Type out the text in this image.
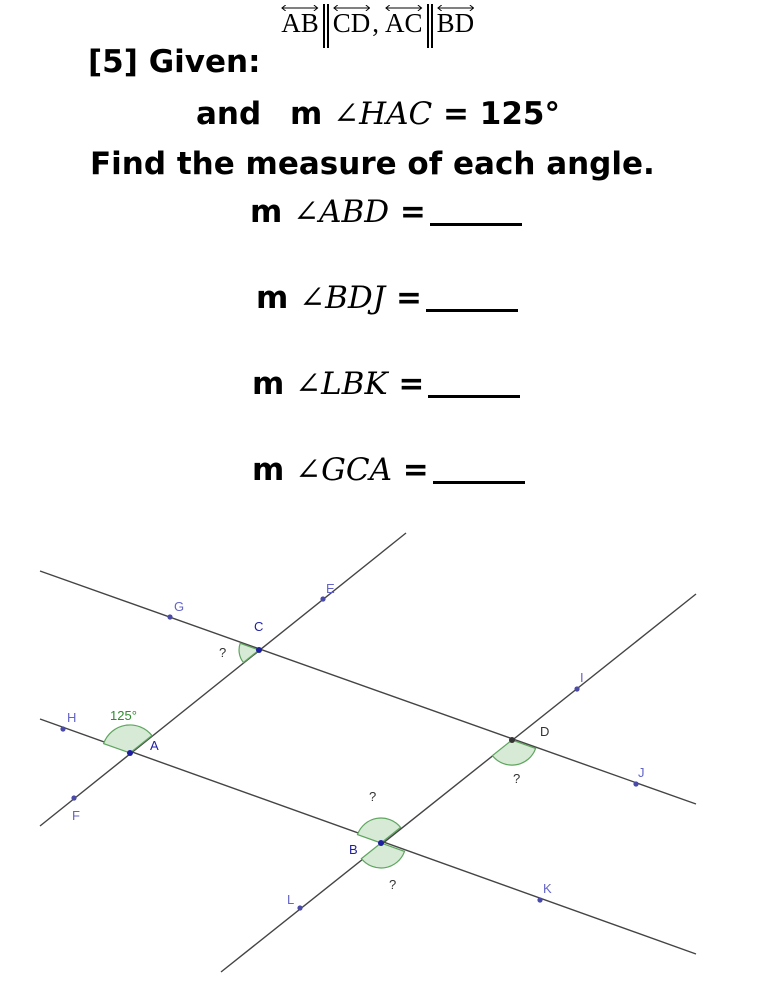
[5] Given:
AB CD, AC BD
and m ∠HAC = 125°
Find the measure of each angle.
m ∠ABD =
m ∠BDJ =
m ∠LBK =
m ∠GCA =
G
E
C
H
A
F
I
D
J
B
L
K
125°
?
?
?
?
